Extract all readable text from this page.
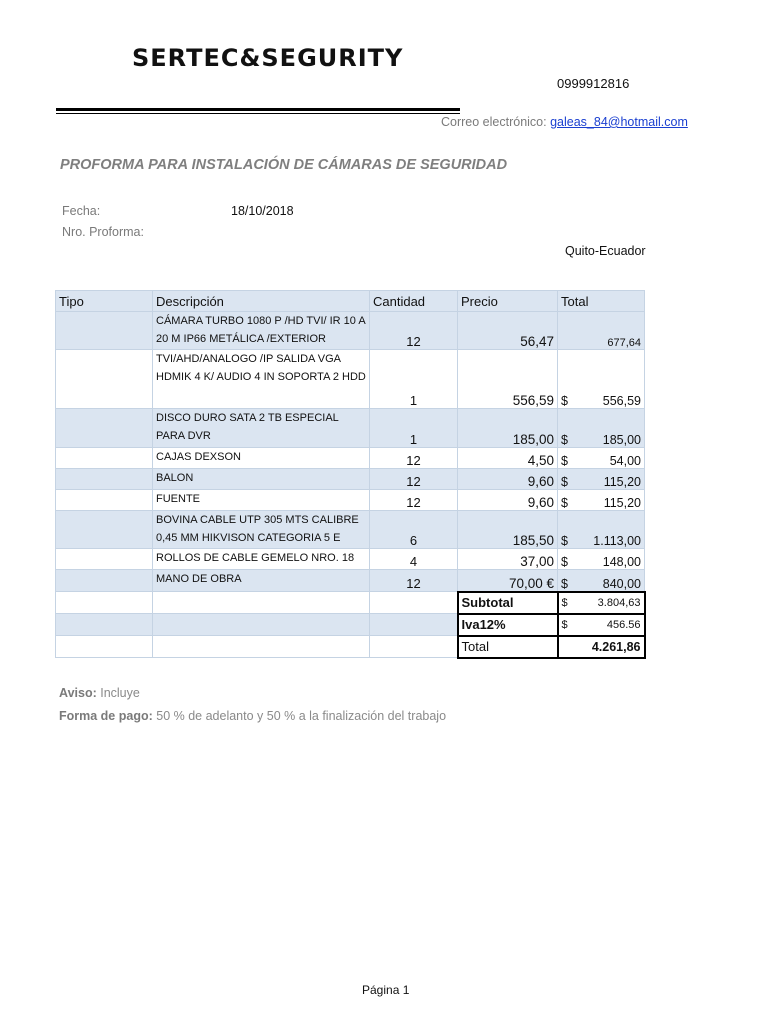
SERTEC&SEGURITY
0999912816
Correo electrónico: galeas_84@hotmail.com
PROFORMA PARA INSTALACIÓN DE CÁMARAS DE SEGURIDAD
Fecha:	18/10/2018
Nro. Proforma:
Quito-Ecuador
Tipo	Descripción	Cantidad	Precio	Total
	CÁMARA TURBO 1080 P /HD TVI/ IR 10 A 20 M IP66 METÁLICA /EXTERIOR	12	56,47	677,64
	TVI/AHD/ANALOGO /IP SALIDA VGA HDMIK 4 K/ AUDIO 4 IN SOPORTA 2 HDD	1	556,59	$ 556,59

	DISCO DURO SATA 2 TB ESPECIAL PARA DVR	1	185,00	$ 185,00

	CAJAS DEXSON	12	4,50	$ 54,00

	BALON	12	9,60	$ 115,20

	FUENTE	12	9,60	$ 115,20

	BOVINA CABLE UTP 305 MTS CALIBRE 0,45 MM HIKVISON CATEGORIA 5 E	6	185,50	$ 1.113,00

	ROLLOS DE CABLE GEMELO NRO. 18	4	37,00	$ 148,00

	MANO DE OBRA	12	70,00 €	$ 840,00

			Subtotal	$ 3.804,63

			Iva12%	$ 456.56

			Total	4.261,86
Aviso: Incluye
Forma de pago: 50 % de adelanto y 50 % a la finalización del trabajo
Página 1
